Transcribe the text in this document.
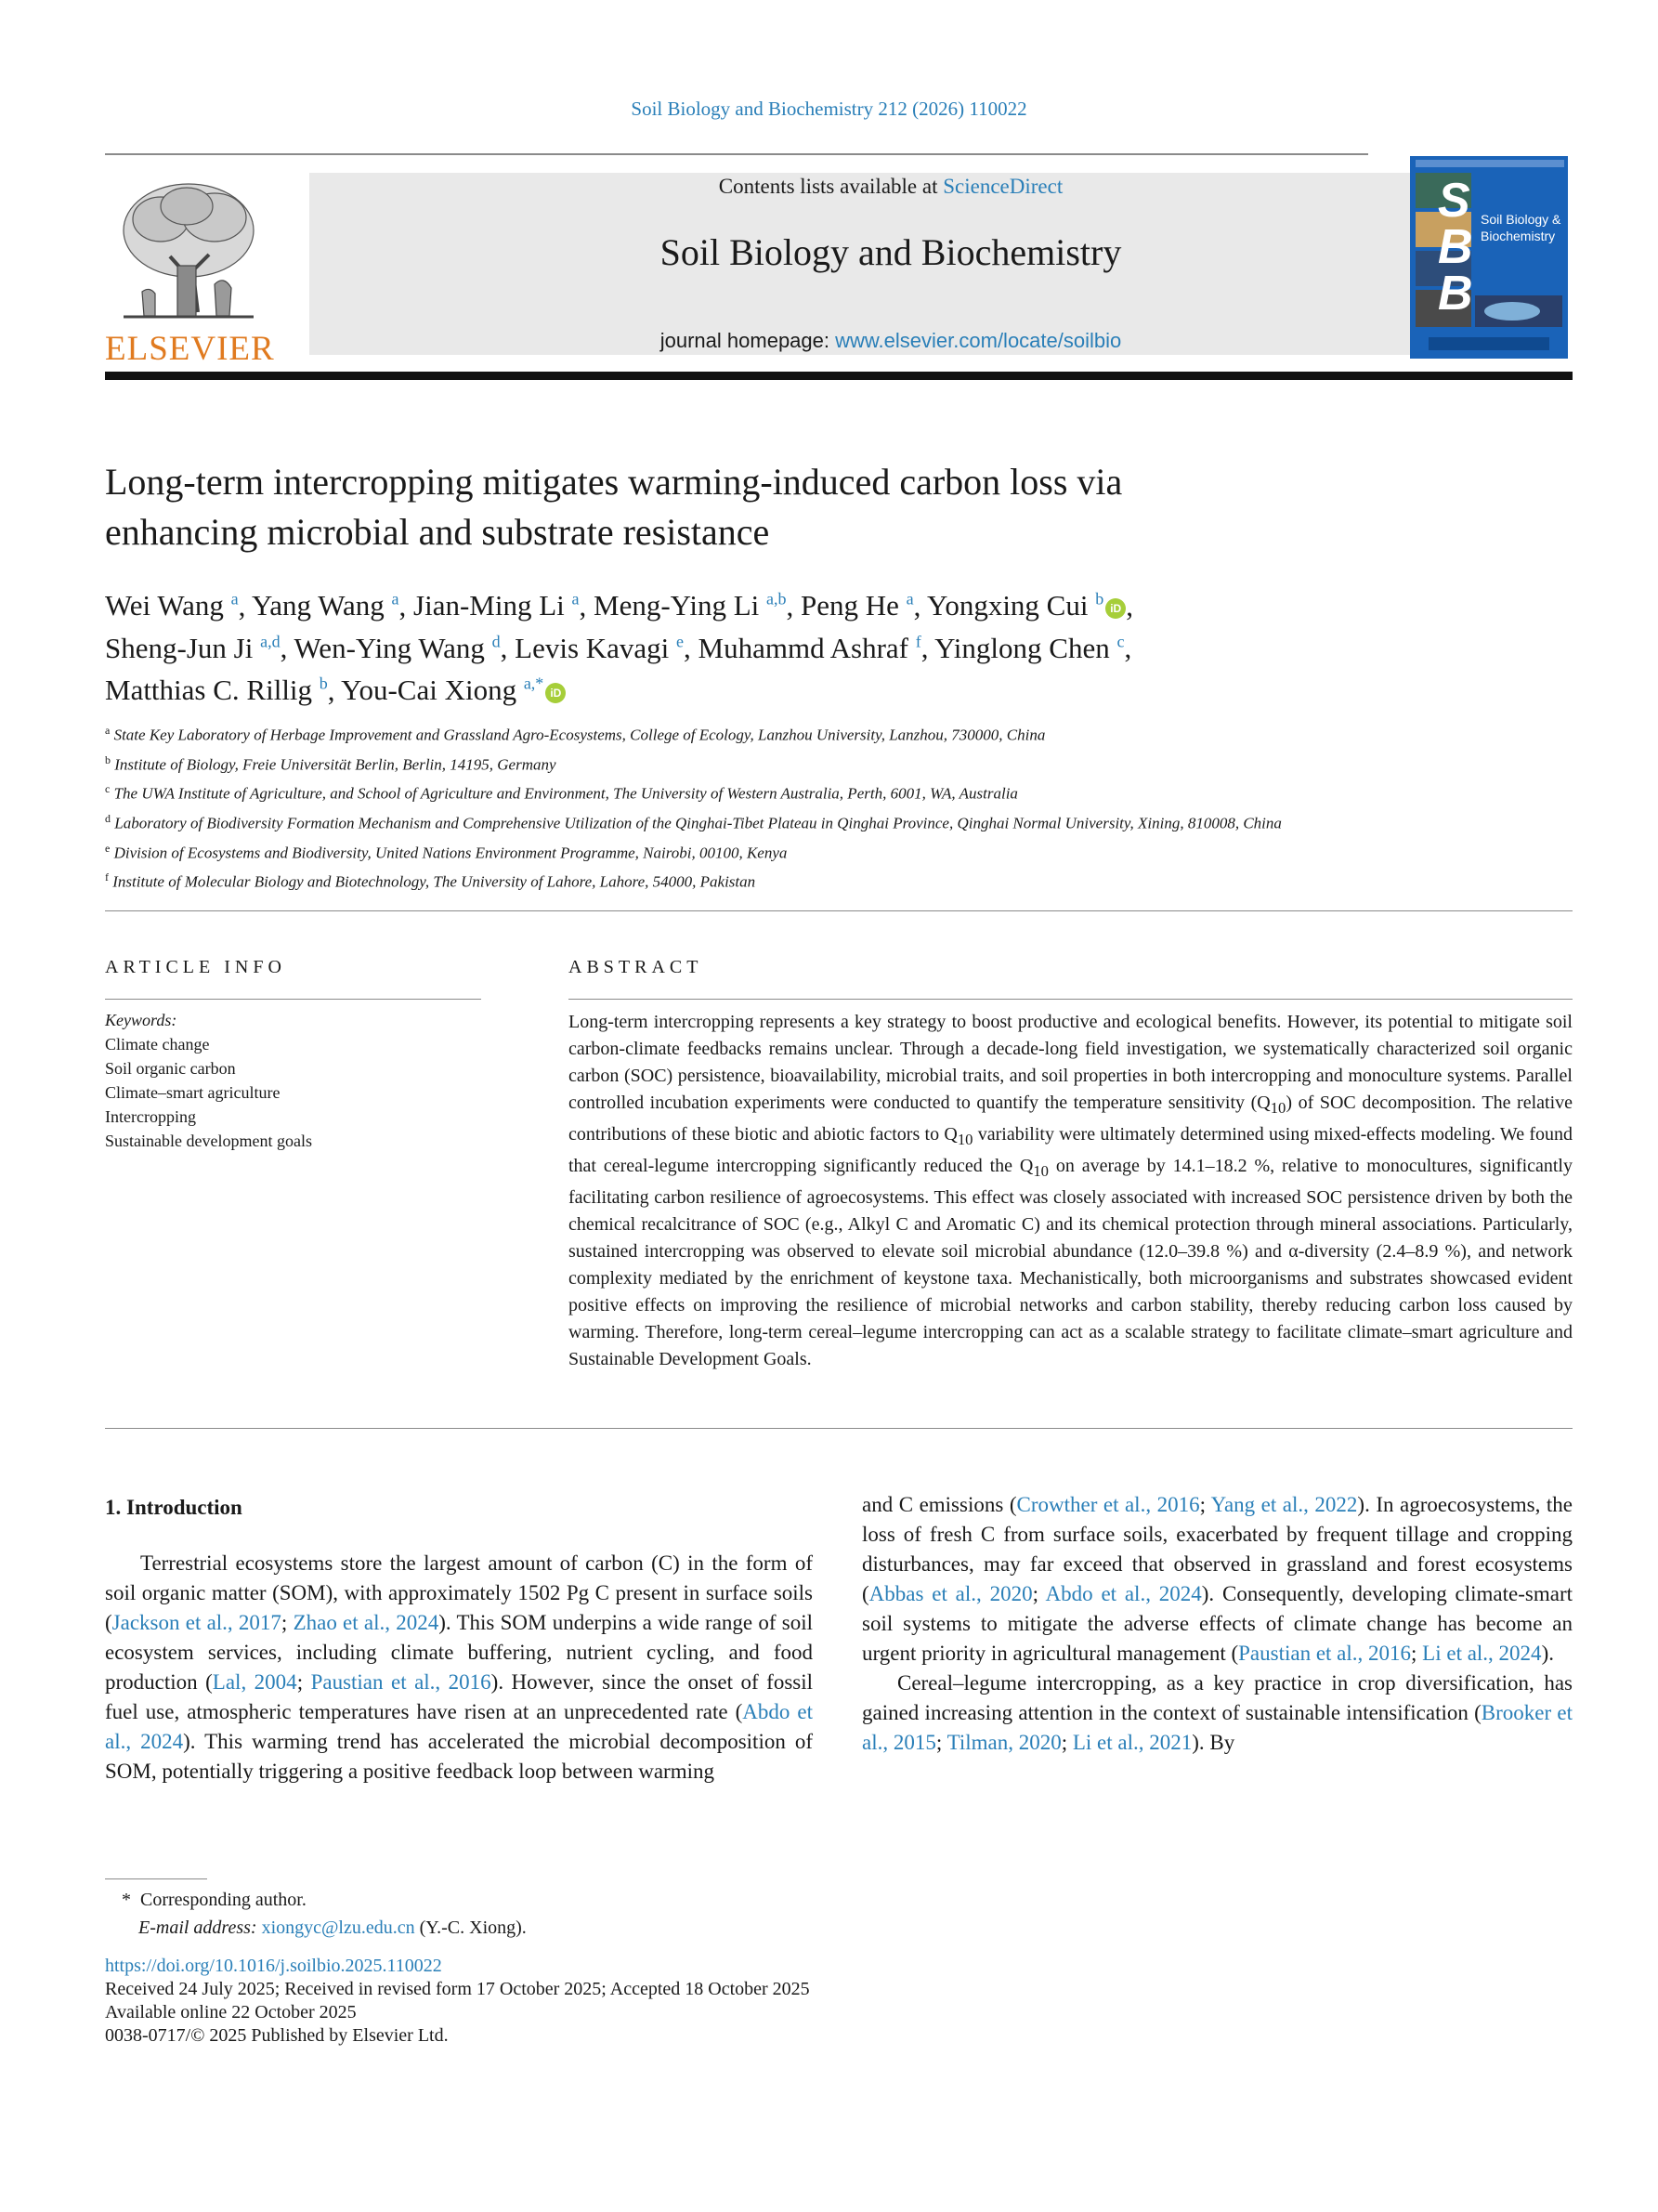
Soil Biology and Biochemistry 212 (2026) 110022
ELSEVIER
Contents lists available at ScienceDirect
Soil Biology and Biochemistry
journal homepage: www.elsevier.com/locate/soilbio
S
B
B
Soil Biology &
Biochemistry
Long-term intercropping mitigates warming-induced carbon loss via
enhancing microbial and substrate resistance
Wei Wang $^a$, Yang Wang $^a$, Jian-Ming Li $^a$, Meng-Ying Li $^{a,b}$, Peng He $^a$, Yongxing Cui $^b$iD ,
Sheng-Jun Ji $^{a,d}$, Wen-Ying Wang $^d$, Levis Kavagi $^e$, Muhammd Ashraf $^f$, Yinglong Chen $^c$,
Matthias C. Rillig $^b$, You-Cai Xiong $^{a,*}$iD
$^a$ State Key Laboratory of Herbage Improvement and Grassland Agro-Ecosystems, College of Ecology, Lanzhou University, Lanzhou, 730000, China
$^b$ Institute of Biology, Freie Universität Berlin, Berlin, 14195, Germany
$^c$ The UWA Institute of Agriculture, and School of Agriculture and Environment, The University of Western Australia, Perth, 6001, WA, Australia
$^d$ Laboratory of Biodiversity Formation Mechanism and Comprehensive Utilization of the Qinghai-Tibet Plateau in Qinghai Province, Qinghai Normal University, Xining, 810008, China
$^e$ Division of Ecosystems and Biodiversity, United Nations Environment Programme, Nairobi, 00100, Kenya
$^f$ Institute of Molecular Biology and Biotechnology, The University of Lahore, Lahore, 54000, Pakistan
ARTICLE INFO	ABSTRACT
Keywords:
Climate change
Soil organic carbon
Climate–smart agriculture
Intercropping
Sustainable development goals
Long-term intercropping represents a key strategy to boost productive and ecological benefits. However, its potential to mitigate soil carbon-climate feedbacks remains unclear. Through a decade-long field investigation, we systematically characterized soil organic carbon (SOC) persistence, bioavailability, microbial traits, and soil properties in both intercropping and monoculture systems. Parallel controlled incubation experiments were conducted to quantify the temperature sensitivity $(Q_{10})$ of SOC decomposition. The relative contributions of these biotic and abiotic factors to $Q_{10}$ variability were ultimately determined using mixed-effects modeling. We found that cereal-legume intercropping significantly reduced the $Q_{10}$ on average by 14.1–18.2 %, relative to monocultures, significantly facilitating carbon resilience of agroecosystems. This effect was closely associated with increased SOC persistence driven by both the chemical recalcitrance of SOC (e.g., Alkyl C and Aromatic C) and its chemical protection through mineral associations. Particularly, sustained intercropping was observed to elevate soil microbial abundance (12.0–39.8 %) and α-diversity (2.4–8.9 %), and network complexity mediated by the enrichment of keystone taxa. Mechanistically, both microorganisms and substrates showcased evident positive effects on improving the resilience of microbial networks and carbon stability, thereby reducing carbon loss caused by warming. Therefore, long-term cereal–legume intercropping can act as a scalable strategy to facilitate climate–smart agriculture and Sustainable Development Goals.
1. Introduction

Terrestrial ecosystems store the largest amount of carbon (C) in the form of soil organic matter (SOM), with approximately 1502 Pg C present in surface soils (Jackson et al., 2017; Zhao et al., 2024). This SOM underpins a wide range of soil ecosystem services, including climate buffering, nutrient cycling, and food production (Lal, 2004; Paustian et al., 2016). However, since the onset of fossil fuel use, atmospheric temperatures have risen at an unprecedented rate (Abdo et al., 2024). This warming trend has accelerated the microbial decomposition of SOM, potentially triggering a positive feedback loop between warming

and C emissions (Crowther et al., 2016; Yang et al., 2022). In agroecosystems, the loss of fresh C from surface soils, exacerbated by frequent tillage and cropping disturbances, may far exceed that observed in grassland and forest ecosystems (Abbas et al., 2020; Abdo et al., 2024). Consequently, developing climate-smart soil systems to mitigate the adverse effects of climate change has become an urgent priority in agricultural management (Paustian et al., 2016; Li et al., 2024).

Cereal–legume intercropping, as a key practice in crop diversification, has gained increasing attention in the context of sustainable intensification (Brooker et al., 2015; Tilman, 2020; Li et al., 2021). By

* Corresponding author.
E-mail address: xiongyc@lzu.edu.cn (Y.-C. Xiong).
https://doi.org/10.1016/j.soilbio.2025.110022
Received 24 July 2025; Received in revised form 17 October 2025; Accepted 18 October 2025
Available online 22 October 2025
0038-0717/© 2025 Published by Elsevier Ltd.
